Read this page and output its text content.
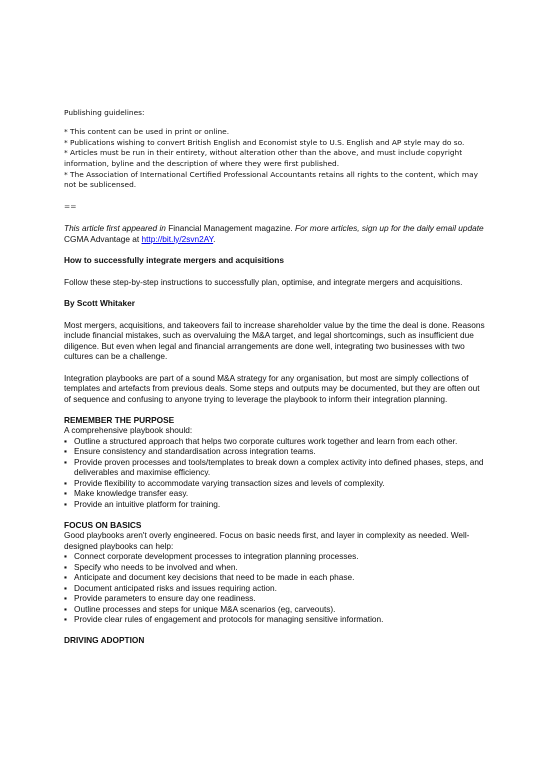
Publishing guidelines:

* This content can be used in print or online.

* Publications wishing to convert British English and Economist style to U.S. English and AP style may do so.

* Articles must be run in their entirety, without alteration other than the above, and must include copyright information, byline and the description of where they were first published.

* The Association of International Certified Professional Accountants retains all rights to the content, which may not be sublicensed.

==

This article first appeared in Financial Management magazine. For more articles, sign up for the daily email update CGMA Advantage at http://bit.ly/2svn2AY.

How to successfully integrate mergers and acquisitions

Follow these step-by-step instructions to successfully plan, optimise, and integrate mergers and acquisitions.

By Scott Whitaker

Most mergers, acquisitions, and takeovers fail to increase shareholder value by the time the deal is done. Reasons include financial mistakes, such as overvaluing the M&A target, and legal shortcomings, such as insufficient due diligence. But even when legal and financial arrangements are done well, integrating two businesses with two cultures can be a challenge.

Integration playbooks are part of a sound M&A strategy for any organisation, but most are simply collections of templates and artefacts from previous deals. Some steps and outputs may be documented, but they are often out of sequence and confusing to anyone trying to leverage the playbook to inform their integration planning.

REMEMBER THE PURPOSE

A comprehensive playbook should:

▪ Outline a structured approach that helps two corporate cultures work together and learn from each other.
▪ Ensure consistency and standardisation across integration teams.
▪ Provide proven processes and tools/templates to break down a complex activity into defined phases, steps, and deliverables and maximise efficiency.
▪ Provide flexibility to accommodate varying transaction sizes and levels of complexity.
▪ Make knowledge transfer easy.
▪ Provide an intuitive platform for training.
FOCUS ON BASICS

Good playbooks aren't overly engineered. Focus on basic needs first, and layer in complexity as needed. Well-designed playbooks can help:

▪ Connect corporate development processes to integration planning processes.
▪ Specify who needs to be involved and when.
▪ Anticipate and document key decisions that need to be made in each phase.
▪ Document anticipated risks and issues requiring action.
▪ Provide parameters to ensure day one readiness.
▪ Outline processes and steps for unique M&A scenarios (eg, carveouts).
▪ Provide clear rules of engagement and protocols for managing sensitive information.
DRIVING ADOPTION
